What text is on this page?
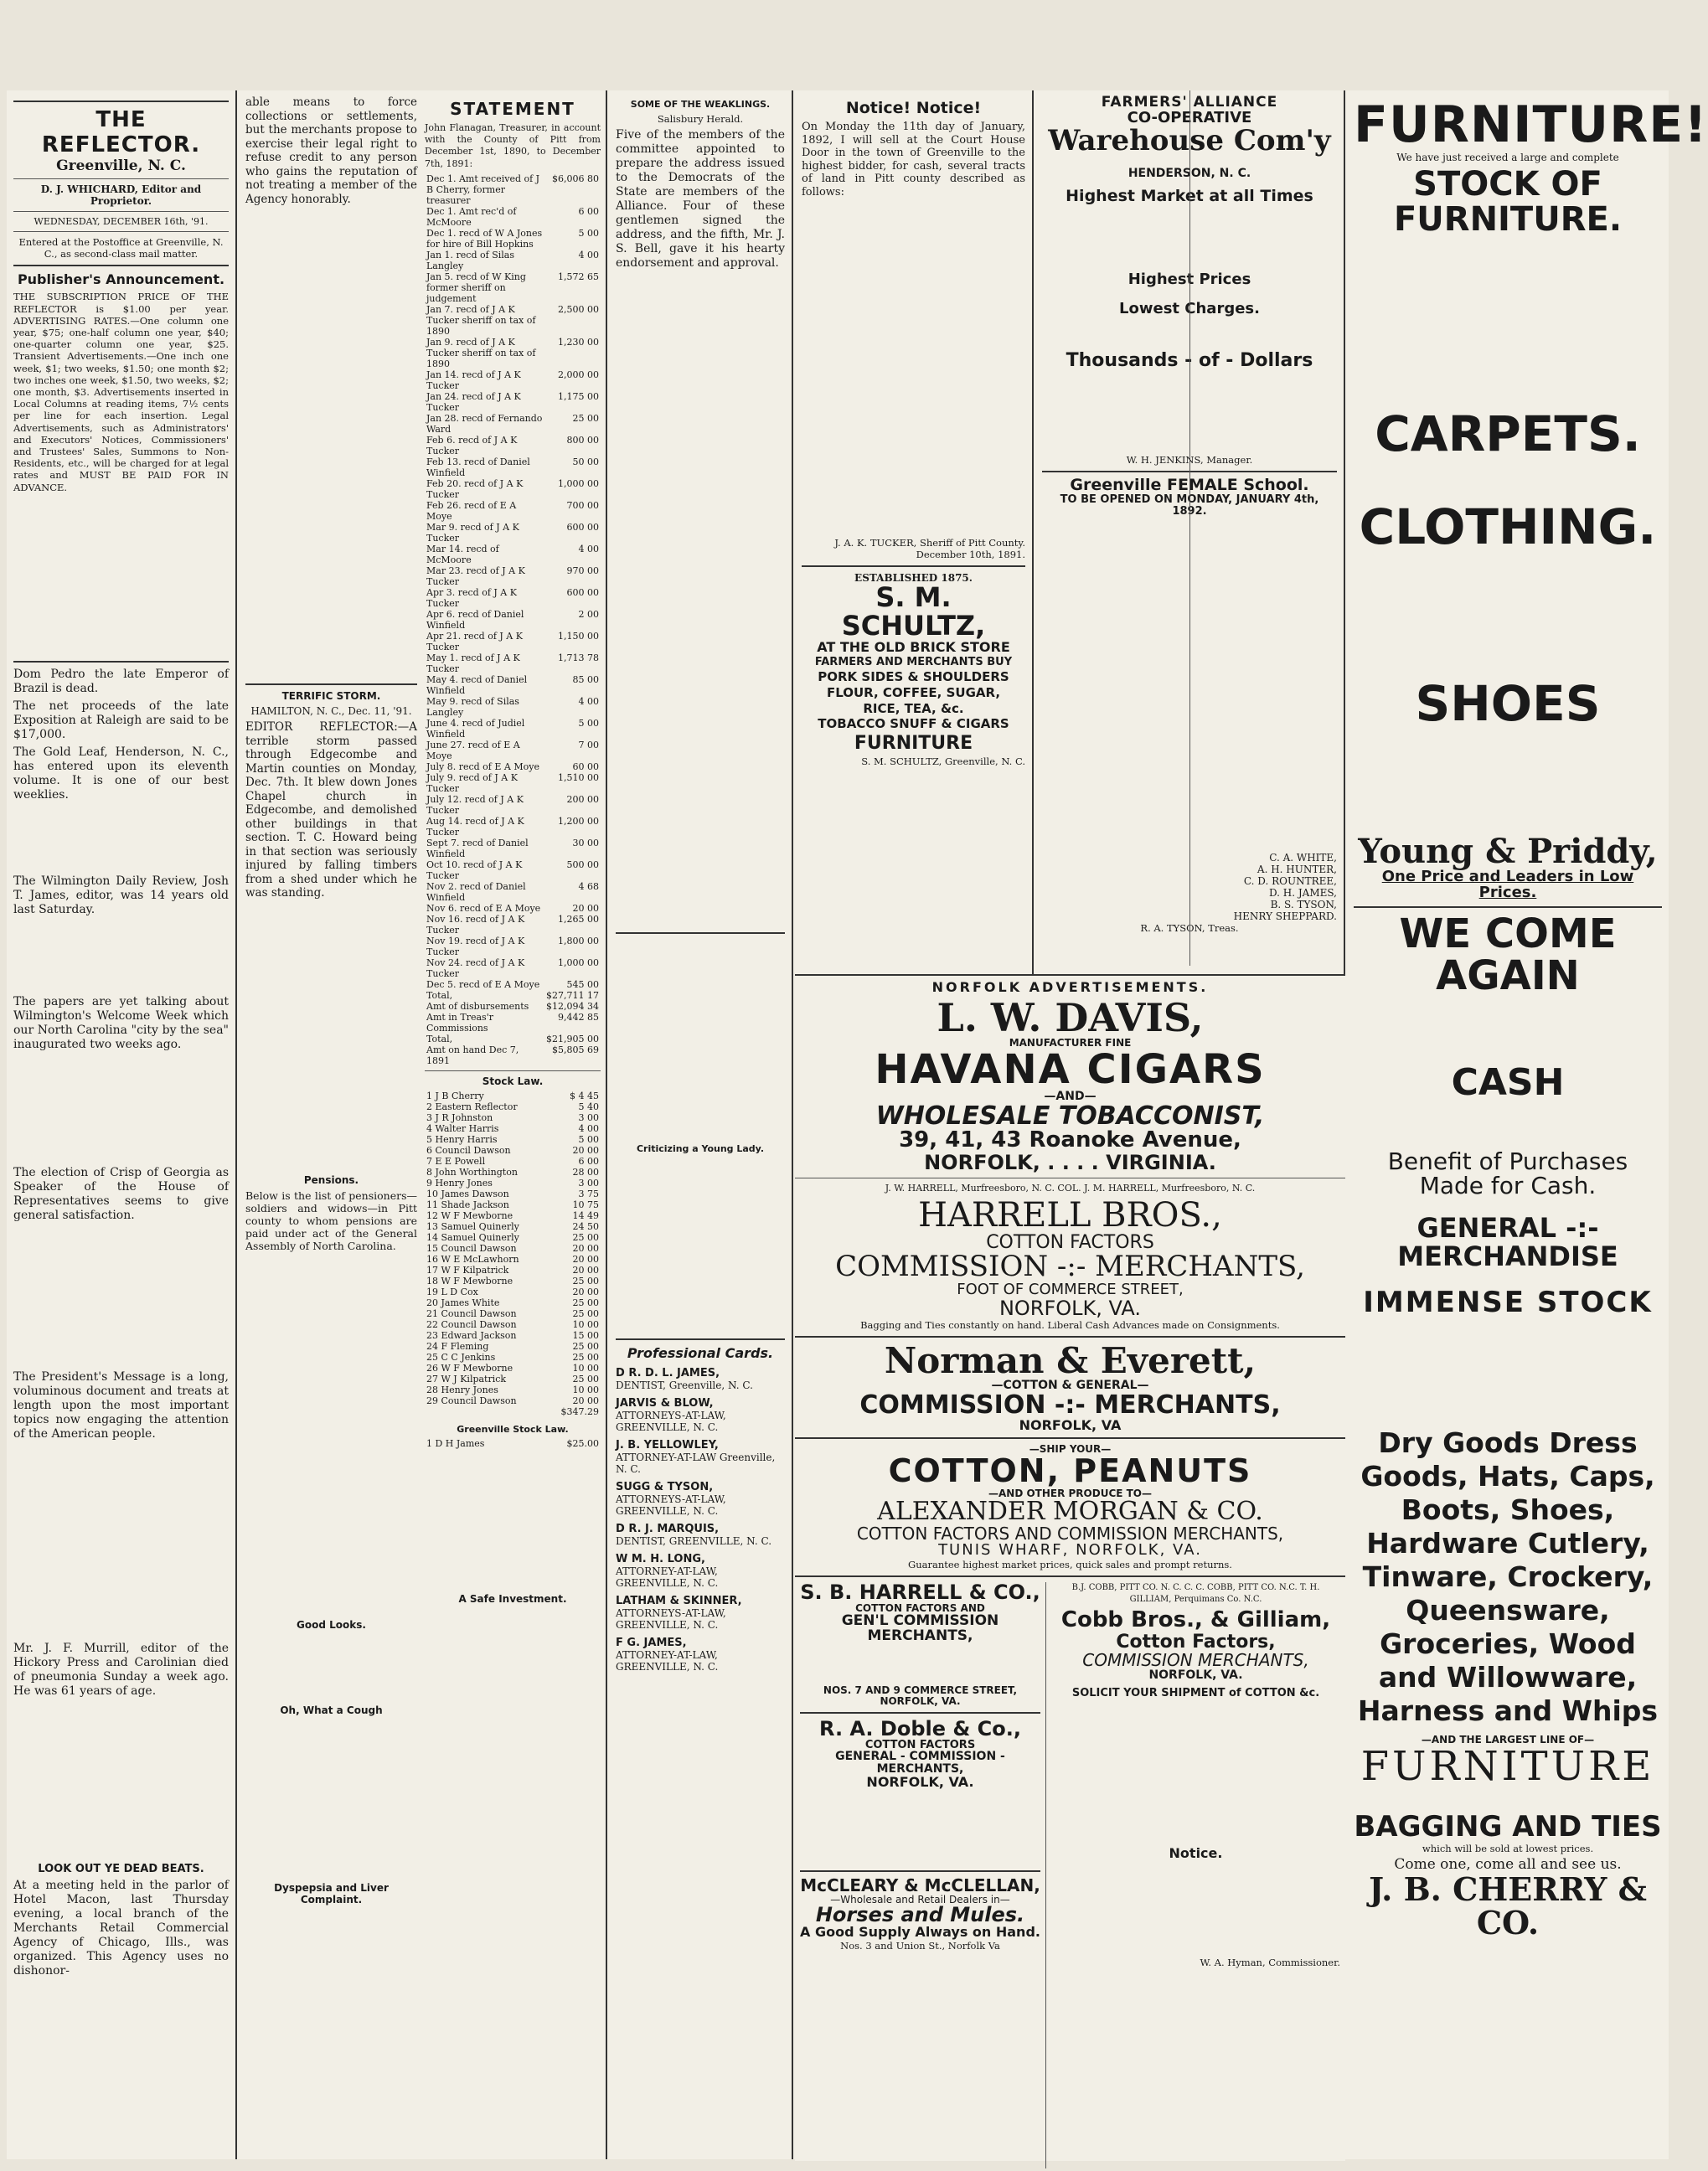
THE REFLECTOR.
Greenville, N. C.
D. J. WHICHARD, Editor and Proprietor.
WEDNESDAY, DECEMBER 16th, '91.
Entered at the Postoffice at Greenville, N. C., as second-class mail matter.
Publisher's Announcement.
THE SUBSCRIPTION PRICE OF THE REFLECTOR is $1.00 per year. ADVERTISING RATES.—One column one year, $75; one-half column one year, $40; one-quarter column one year, $25. Transient Advertisements.—One inch one week, $1; two weeks, $1.50; one month $2; two inches one week, $1.50, two weeks, $2; one month, $3. Advertisements inserted in Local Columns at reading items, 7½ cents per line for each insertion. Legal Advertisements, such as Administrators' and Executors' Notices, Commissioners' and Trustees' Sales, Summons to Non-Residents, etc., will be charged for at legal rates and MUST BE PAID FOR IN ADVANCE.
Dom Pedro the late Emperor of Brazil is dead.
The net proceeds of the late Exposition at Raleigh are said to be $17,000.
The Gold Leaf, Henderson, N. C., has entered upon its eleventh volume. It is one of our best weeklies.
The Wilmington Daily Review, Josh T. James, editor, was 14 years old last Saturday.
The papers are yet talking about Wilmington's Welcome Week which our North Carolina "city by the sea" inaugurated two weeks ago.
The election of Crisp of Georgia as Speaker of the House of Representatives seems to give general satisfaction.
The President's Message is a long, voluminous document and treats at length upon the most important topics now engaging the attention of the American people.
Mr. J. F. Murrill, editor of the Hickory Press and Carolinian died of pneumonia Sunday a week ago. He was 61 years of age.
LOOK OUT YE DEAD BEATS.
At a meeting held in the parlor of Hotel Macon, last Thursday evening, a local branch of the Merchants Retail Commercial Agency of Chicago, Ills., was organized. This Agency uses no dishonor-
able means to force collections or settlements, but the merchants propose to exercise their legal right to refuse credit to any person who gains the reputation of not treating a member of the Agency honorably.
TERRIFIC STORM.
HAMILTON, N. C., Dec. 11, '91.
EDITOR REFLECTOR:—A terrible storm passed through Edgecombe and Martin counties on Monday, Dec. 7th. It blew down Jones Chapel church in Edgecombe, and demolished other buildings in that section. T. C. Howard being in that section was seriously injured by falling timbers from a shed under which he was standing.
Pensions.
Below is the list of pensioners—soldiers and widows—in Pitt county to whom pensions are paid under act of the General Assembly of North Carolina.
Good Looks.
Oh, What a Cough
Dyspepsia and Liver Complaint.
STATEMENT
John Flanagan, Treasurer, in account with the County of Pitt from December 1st, 1890, to December 7th, 1891:
Dec 1. Amt received of J B Cherry, former treasurer	$6,006 80
Dec 1. Amt rec'd of McMoore	6 00
Dec 1. recd of W A Jones for hire of Bill Hopkins	5 00
Jan 1. recd of Silas Langley	4 00
Jan 5. recd of W King former sheriff on judgement	1,572 65
Jan 7. recd of J A K Tucker sheriff on tax of 1890	2,500 00
Jan 9. recd of J A K Tucker sheriff on tax of 1890	1,230 00
Jan 14. recd of J A K Tucker	2,000 00
Jan 24. recd of J A K Tucker	1,175 00
Jan 28. recd of Fernando Ward	25 00
Feb 6. recd of J A K Tucker	800 00
Feb 13. recd of Daniel Winfield	50 00
Feb 20. recd of J A K Tucker	1,000 00
Feb 26. recd of E A Moye	700 00
Mar 9. recd of J A K Tucker	600 00
Mar 14. recd of McMoore	4 00
Mar 23. recd of J A K Tucker	970 00
Apr 3. recd of J A K Tucker	600 00
Apr 6. recd of Daniel Winfield	2 00
Apr 21. recd of J A K Tucker	1,150 00
May 1. recd of J A K Tucker	1,713 78
May 4. recd of Daniel Winfield	85 00
May 9. recd of Silas Langley	4 00
June 4. recd of Judiel Winfield	5 00
June 27. recd of E A Moye	7 00
July 8. recd of E A Moye	60 00
July 9. recd of J A K Tucker	1,510 00
July 12. recd of J A K Tucker	200 00
Aug 14. recd of J A K Tucker	1,200 00
Sept 7. recd of Daniel Winfield	30 00
Oct 10. recd of J A K Tucker	500 00
Nov 2. recd of Daniel Winfield	4 68
Nov 6. recd of E A Moye	20 00
Nov 16. recd of J A K Tucker	1,265 00
Nov 19. recd of J A K Tucker	1,800 00
Nov 24. recd of J A K Tucker	1,000 00
Dec 5. recd of E A Moye	545 00
Total,	$27,711 17
Amt of disbursements	$12,094 34
Amt in Treas'r Commissions	9,442 85
Total,	$21,905 00
Amt on hand Dec 7, 1891	$5,805 69
Stock Law.
1 J B Cherry	$ 4 45
2 Eastern Reflector	5 40
3 J R Johnston	3 00
4 Walter Harris	4 00
5 Henry Harris	5 00
6 Council Dawson	20 00
7 E E Powell	6 00
8 John Worthington	28 00
9 Henry Jones	3 00
10 James Dawson	3 75
11 Shade Jackson	10 75
12 W F Mewborne	14 49
13 Samuel Quinerly	24 50
14 Samuel Quinerly	25 00
15 Council Dawson	20 00
16 W E McLawhorn	20 00
17 W F Kilpatrick	20 00
18 W F Mewborne	25 00
19 L D Cox	20 00
20 James White	25 00
21 Council Dawson	25 00
22 Council Dawson	10 00
23 Edward Jackson	15 00
24 F Fleming	25 00
25 C C Jenkins	25 00
26 W F Mewborne	10 00
27 W J Kilpatrick	25 00
28 Henry Jones	10 00
29 Council Dawson	20 00
	$347.29
Greenville Stock Law.
1 D H James	$25.00
A Safe Investment.
SOME OF THE WEAKLINGS.
Salisbury Herald.
Five of the members of the committee appointed to prepare the address issued to the Democrats of the State are members of the Alliance. Four of these gentlemen signed the address, and the fifth, Mr. J. S. Bell, gave it his hearty endorsement and approval.
Criticizing a Young Lady.
Professional Cards.
D R. D. L. JAMES,
DENTIST, Greenville, N. C.
JARVIS & BLOW,
ATTORNEYS-AT-LAW, GREENVILLE, N. C.
J. B. YELLOWLEY,
ATTORNEY-AT-LAW Greenville, N. C.
SUGG & TYSON,
ATTORNEYS-AT-LAW, GREENVILLE, N. C.
D R. J. MARQUIS,
DENTIST, GREENVILLE, N. C.
W M. H. LONG,
ATTORNEY-AT-LAW, GREENVILLE, N. C.
LATHAM & SKINNER,
ATTORNEYS-AT-LAW, GREENVILLE, N. C.
F G. JAMES,
ATTORNEY-AT-LAW, GREENVILLE, N. C.
Notice! Notice!
On Monday the 11th day of January, 1892, I will sell at the Court House Door in the town of Greenville to the highest bidder, for cash, several tracts of land in Pitt county described as follows:
J. A. K. TUCKER, Sheriff of Pitt County. December 10th, 1891.
ESTABLISHED 1875.
S. M. SCHULTZ,
AT THE OLD BRICK STORE
FARMERS AND MERCHANTS BUY
PORK SIDES & SHOULDERS
FLOUR, COFFEE, SUGAR,
RICE, TEA, &c.
TOBACCO SNUFF & CIGARS
FURNITURE
S. M. SCHULTZ, Greenville, N. C.
FARMERS' ALLIANCE
CO-OPERATIVE
Warehouse Com'y
HENDERSON, N. C.
Highest Market at all Times
Highest Prices
Lowest Charges.
Thousands - of - Dollars
W. H. JENKINS, Manager.
Greenville FEMALE School.
TO BE OPENED ON MONDAY, JANUARY 4th, 1892.
C. A. WHITE,
A. H. HUNTER,
C. D. ROUNTREE,
D. H. JAMES,
B. S. TYSON,
HENRY SHEPPARD.
R. A. TYSON, Treas.
NORFOLK ADVERTISEMENTS.
L. W. DAVIS,
MANUFACTURER FINE
HAVANA CIGARS
—AND—
WHOLESALE TOBACCONIST,
39, 41, 43 Roanoke Avenue,
NORFOLK, . . . . VIRGINIA.
J. W. HARRELL, Murfreesboro, N. C. COL. J. M. HARRELL, Murfreesboro, N. C.
HARRELL BROS.,
COTTON FACTORS
COMMISSION -:- MERCHANTS,
FOOT OF COMMERCE STREET,
NORFOLK, VA.
Bagging and Ties constantly on hand. Liberal Cash Advances made on Consignments.
Norman & Everett,
—COTTON & GENERAL—
COMMISSION -:- MERCHANTS,
NORFOLK, VA
—SHIP YOUR—
COTTON, PEANUTS
—AND OTHER PRODUCE TO—
ALEXANDER MORGAN & CO.
COTTON FACTORS AND COMMISSION MERCHANTS,
TUNIS WHARF, NORFOLK, VA.
Guarantee highest market prices, quick sales and prompt returns.
S. B. HARRELL & CO.,
COTTON FACTORS AND
GEN'L COMMISSION MERCHANTS,
NOS. 7 AND 9 COMMERCE STREET, NORFOLK, VA.
R. A. Doble & Co.,
COTTON FACTORS
GENERAL - COMMISSION - MERCHANTS,
NORFOLK, VA.
McCLEARY & McCLELLAN,
—Wholesale and Retail Dealers in—
Horses and Mules.
A Good Supply Always on Hand.
Nos. 3 and Union St., Norfolk Va
B.J. COBB, PITT CO. N. C. C. C. COBB, PITT CO. N.C. T. H. GILLIAM, Perquimans Co. N.C.
Cobb Bros., & Gilliam,
Cotton Factors,
COMMISSION MERCHANTS,
NORFOLK, VA.
SOLICIT YOUR SHIPMENT of COTTON &c.
Notice.
W. A. Hyman, Commissioner.
FURNITURE!
We have just received a large and complete
STOCK OF FURNITURE.
CARPETS.
CLOTHING.
SHOES
Young & Priddy,
One Price and Leaders in Low Prices.
WE COME AGAIN
CASH
Benefit of Purchases Made for Cash.
GENERAL -:- MERCHANDISE
IMMENSE STOCK
Dry Goods Dress Goods, Hats, Caps, Boots, Shoes, Hardware Cutlery, Tinware, Crockery, Queensware, Groceries, Wood and Willowware, Harness and Whips
—AND THE LARGEST LINE OF—
FURNITURE
BAGGING AND TIES
which will be sold at lowest prices.
Come one, come all and see us.
J. B. CHERRY & CO.
